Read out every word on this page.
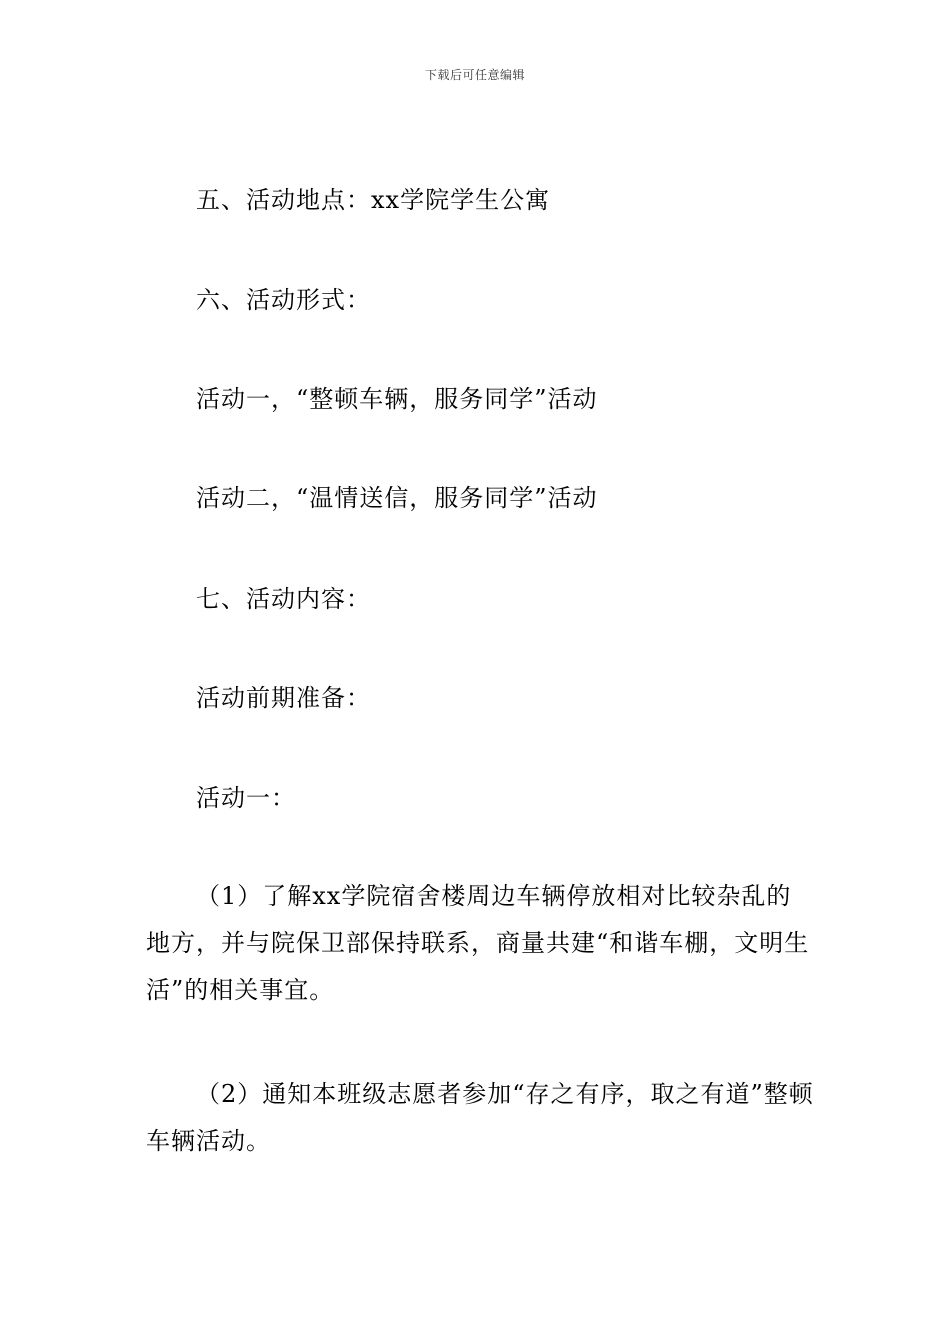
下载后可任意编辑
五、活动地点：xx学院学生公寓
六、活动形式：
活动一，“整顿车辆，服务同学”活动
活动二，“温情送信，服务同学”活动
七、活动内容：
活动前期准备：
活动一：

（1）了解xx学院宿舍楼周边车辆停放相对比较杂乱的地方，并与院保卫部保持联系，商量共建“和谐车棚，文明生活”的相关事宜。

（2）通知本班级志愿者参加“存之有序，取之有道”整顿车辆活动。
